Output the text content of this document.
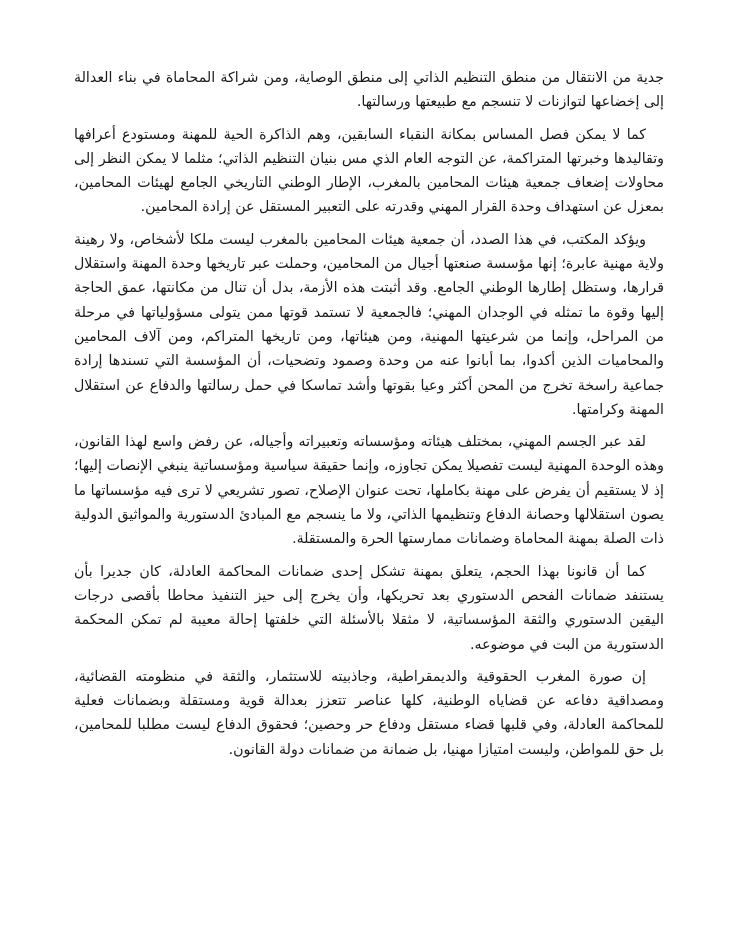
جدية من الانتقال من منطق التنظيم الذاتي إلى منطق الوصاية، ومن شراكة المحاماة في بناء العدالة إلى إخضاعها لتوازنات لا تنسجم مع طبيعتها ورسالتها.

كما لا يمكن فصل المساس بمكانة النقباء السابقين، وهم الذاكرة الحية للمهنة ومستودع أعرافها وتقاليدها وخبرتها المتراكمة، عن التوجه العام الذي مس بنيان التنظيم الذاتي؛ مثلما لا يمكن النظر إلى محاولات إضعاف جمعية هيئات المحامين بالمغرب، الإطار الوطني التاريخي الجامع لهيئات المحامين، بمعزل عن استهداف وحدة القرار المهني وقدرته على التعبير المستقل عن إرادة المحامين.

ويؤكد المكتب، في هذا الصدد، أن جمعية هيئات المحامين بالمغرب ليست ملكا لأشخاص، ولا رهينة ولاية مهنية عابرة؛ إنها مؤسسة صنعتها أجيال من المحامين، وحملت عبر تاريخها وحدة المهنة واستقلال قرارها، وستظل إطارها الوطني الجامع. وقد أثبتت هذه الأزمة، بدل أن تنال من مكانتها، عمق الحاجة إليها وقوة ما تمثله في الوجدان المهني؛ فالجمعية لا تستمد قوتها ممن يتولى مسؤولياتها في مرحلة من المراحل، وإنما من شرعيتها المهنية، ومن هيئاتها، ومن تاريخها المتراكم، ومن آلاف المحامين والمحاميات الذين أكدوا، بما أبانوا عنه من وحدة وصمود وتضحيات، أن المؤسسة التي تسندها إرادة جماعية راسخة تخرج من المحن أكثر وعيا بقوتها وأشد تماسكا في حمل رسالتها والدفاع عن استقلال المهنة وكرامتها.

لقد عبر الجسم المهني، بمختلف هيئاته ومؤسساته وتعبيراته وأجياله، عن رفض واسع لهذا القانون، وهذه الوحدة المهنية ليست تفصيلا يمكن تجاوزه، وإنما حقيقة سياسية ومؤسساتية ينبغي الإنصات إليها؛ إذ لا يستقيم أن يفرض على مهنة بكاملها، تحت عنوان الإصلاح، تصور تشريعي لا ترى فيه مؤسساتها ما يصون استقلالها وحصانة الدفاع وتنظيمها الذاتي، ولا ما ينسجم مع المبادئ الدستورية والمواثيق الدولية ذات الصلة بمهنة المحاماة وضمانات ممارستها الحرة والمستقلة.

كما أن قانونا بهذا الحجم، يتعلق بمهنة تشكل إحدى ضمانات المحاكمة العادلة، كان جديرا بأن يستنفد ضمانات الفحص الدستوري بعد تحريكها، وأن يخرج إلى حيز التنفيذ محاطا بأقصى درجات اليقين الدستوري والثقة المؤسساتية، لا مثقلا بالأسئلة التي خلفتها إحالة معيبة لم تمكن المحكمة الدستورية من البت في موضوعه.

إن صورة المغرب الحقوقية والديمقراطية، وجاذبيته للاستثمار، والثقة في منظومته القضائية، ومصداقية دفاعه عن قضاياه الوطنية، كلها عناصر تتعزز بعدالة قوية ومستقلة وبضمانات فعلية للمحاكمة العادلة، وفي قلبها قضاء مستقل ودفاع حر وحصين؛ فحقوق الدفاع ليست مطلبا للمحامين، بل حق للمواطن، وليست امتيازا مهنيا، بل ضمانة من ضمانات دولة القانون.
